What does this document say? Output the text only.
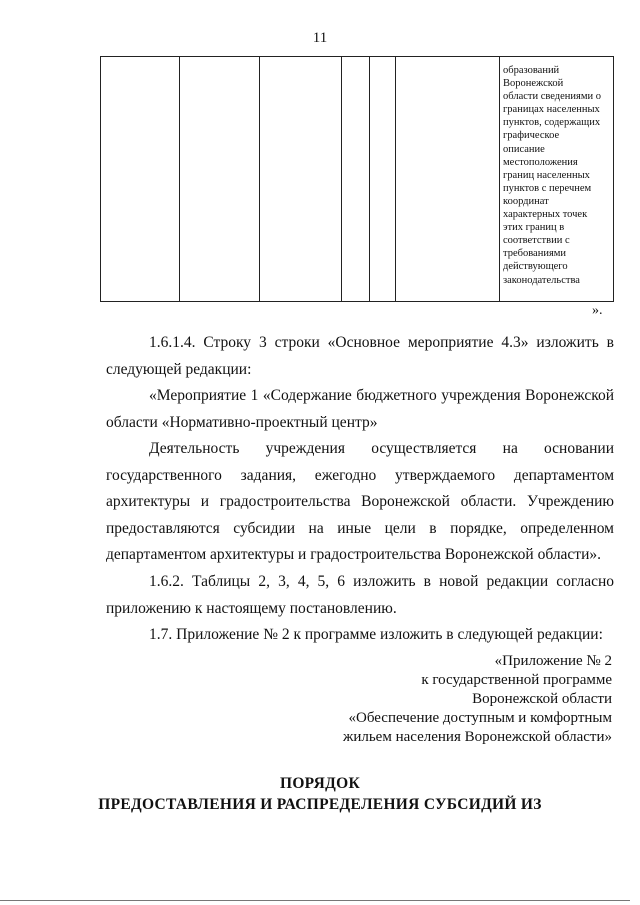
11
образований
Воронежской
области сведениями о
границах населенных
пунктов, содержащих
графическое
описание
местоположения
границ населенных
пунктов с перечнем
координат
характерных точек
этих границ в
соответствии с
требованиями
действующего
законодательства
».
1.6.1.4. Строку 3 строки «Основное мероприятие 4.3» изложить в следующей редакции:
«Мероприятие 1 «Содержание бюджетного учреждения Воронежской области «Нормативно-проектный центр»
Деятельность учреждения осуществляется на основании государственного задания, ежегодно утверждаемого департаментом архитектуры и градостроительства Воронежской области. Учреждению предоставляются субсидии на иные цели в порядке, определенном департаментом архитектуры и градостроительства Воронежской области».
1.6.2. Таблицы 2, 3, 4, 5, 6 изложить в новой редакции согласно приложению к настоящему постановлению.
1.7. Приложение № 2 к программе изложить в следующей редакции:
«Приложение № 2
к государственной программе
Воронежской области
«Обеспечение доступным и комфортным
жильем населения Воронежской области»
ПОРЯДОК
ПРЕДОСТАВЛЕНИЯ И РАСПРЕДЕЛЕНИЯ СУБСИДИЙ ИЗ
